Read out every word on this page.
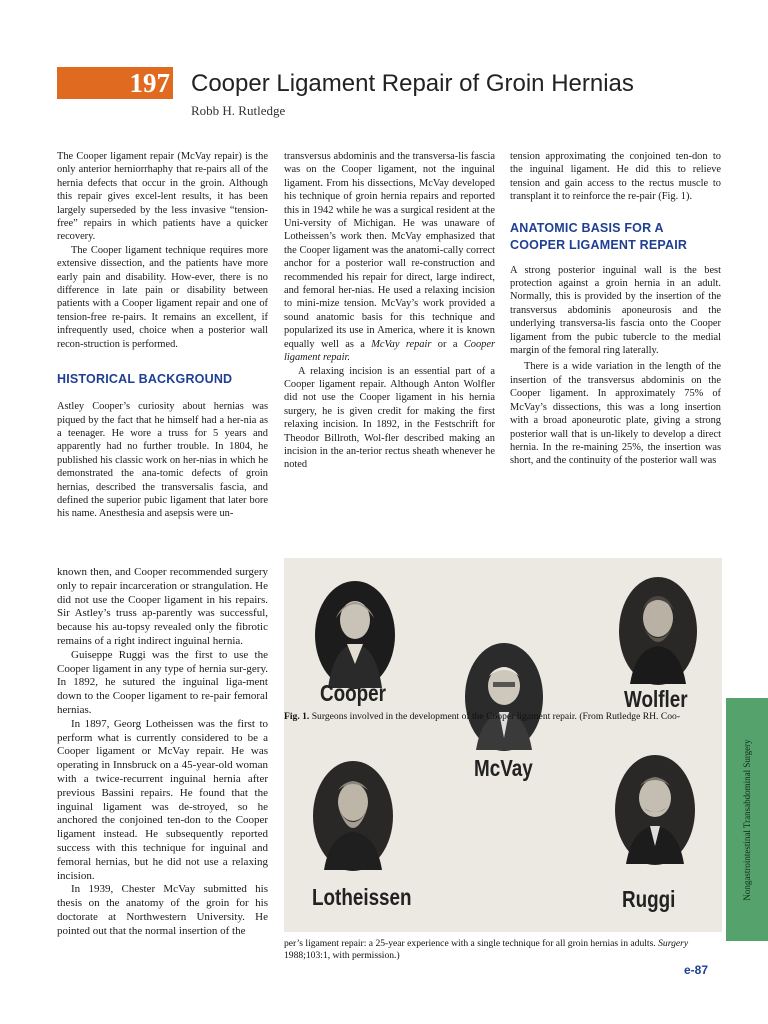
197 Cooper Ligament Repair of Groin Hernias
Robb H. Rutledge

The Cooper ligament repair (McVay repair) is the only anterior herniorrhaphy that re-pairs all of the hernia defects that occur in the groin. Although this repair gives excel-lent results, it has been largely superseded by the less invasive “tension-free” repairs in which patients have a quicker recovery.

The Cooper ligament technique requires more extensive dissection, and the patients have more early pain and disability. How-ever, there is no difference in late pain or disability between patients with a Cooper ligament repair and one of tension-free re-pairs. It remains an excellent, if infrequently used, choice when a posterior wall recon-struction is performed.

HISTORICAL BACKGROUND

Astley Cooper’s curiosity about hernias was piqued by the fact that he himself had a her-nia as a teenager. He wore a truss for 5 years and apparently had no further trouble. In 1804, he published his classic work on her-nias in which he demonstrated the ana-tomic defects of groin hernias, described the transversalis fascia, and defined the superior pubic ligament that later bore his name. Anesthesia and asepsis were un-

known then, and Cooper recommended surgery only to repair incarceration or strangulation. He did not use the Cooper ligament in his repairs. Sir Astley’s truss ap-parently was successful, because his au-topsy revealed only the fibrotic remains of a right indirect inguinal hernia.

Guiseppe Ruggi was the first to use the Cooper ligament in any type of hernia sur-gery. In 1892, he sutured the inguinal liga-ment down to the Cooper ligament to re-pair femoral hernias.

In 1897, Georg Lotheissen was the first to perform what is currently considered to be a Cooper ligament or McVay repair. He was operating in Innsbruck on a 45-year-old woman with a twice-recurrent inguinal hernia after previous Bassini repairs. He found that the inguinal ligament was de-stroyed, so he anchored the conjoined ten-don to the Cooper ligament instead. He subsequently reported success with this technique for inguinal and femoral hernias, but he did not use a relaxing incision.

In 1939, Chester McVay submitted his thesis on the anatomy of the groin for his doctorate at Northwestern University. He pointed out that the normal insertion of the

transversus abdominis and the transversa-lis fascia was on the Cooper ligament, not the inguinal ligament. From his dissections, McVay developed his technique of groin hernia repairs and reported this in 1942 while he was a surgical resident at the Uni-versity of Michigan. He was unaware of Lotheissen’s work then. McVay emphasized that the Cooper ligament was the anatomi-cally correct anchor for a posterior wall re-construction and recommended his repair for direct, large indirect, and femoral her-nias. He used a relaxing incision to mini-mize tension. McVay’s work provided a sound anatomic basis for this technique and popularized its use in America, where it is known equally well as a McVay repair or a Cooper ligament repair.

A relaxing incision is an essential part of a Cooper ligament repair. Although Anton Wolfler did not use the Cooper ligament in his hernia surgery, he is given credit for making the first relaxing incision. In 1892, in the Festschrift for Theodor Billroth, Wol-fler described making an incision in the an-terior rectus sheath whenever he noted

tension approximating the conjoined ten-don to the inguinal ligament. He did this to relieve tension and gain access to the rectus muscle to transplant it to reinforce the re-pair (Fig. 1).

ANATOMIC BASIS FOR A COOPER LIGAMENT REPAIR

A strong posterior inguinal wall is the best protection against a groin hernia in an adult. Normally, this is provided by the insertion of the transversus abdominis aponeurosis and the underlying transversa-lis fascia onto the Cooper ligament from the pubic tubercle to the medial margin of the femoral ring laterally.

There is a wide variation in the length of the insertion of the transversus abdominis on the Cooper ligament. In approximately 75% of McVay’s dissections, this was a long insertion with a broad aponeurotic plate, giving a strong posterior wall that is un-likely to develop a direct hernia. In the re-maining 25%, the insertion was short, and the continuity of the posterior wall was

Cooper	Wolfler
McVay
Lotheissen	Ruggi
Fig. 1. Surgeons involved in the development of the Cooper ligament repair. (From Rutledge RH. Coo-
per’s ligament repair: a 25-year experience with a single technique for all groin hernias in adults. Surgery 1988;103:1, with permission.)
Nongastrointestinal Transabdominal Surgery
e-87
